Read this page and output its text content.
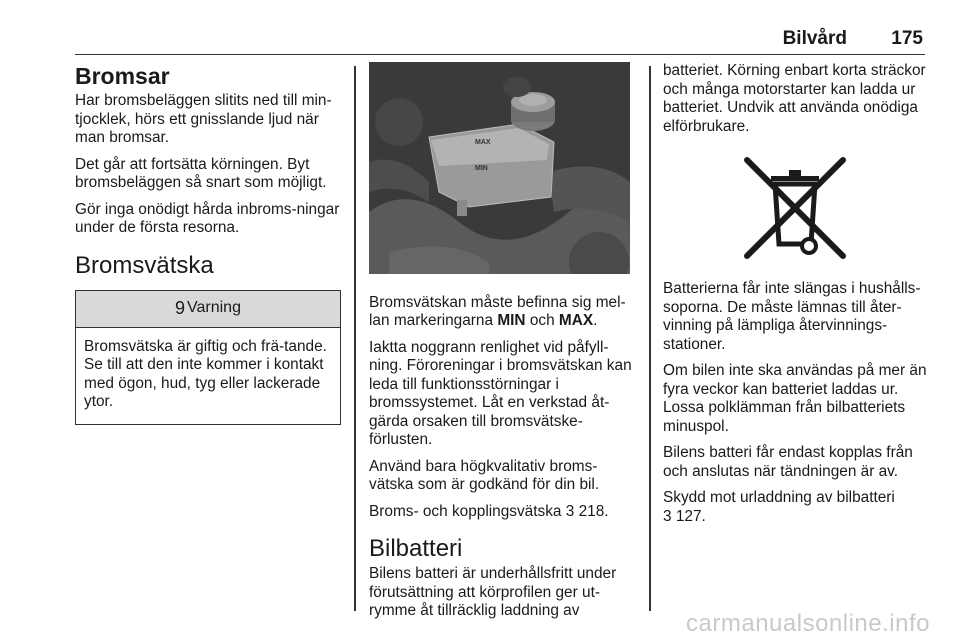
Bilvård 175
Bromsar

Har bromsbeläggen slitits ned till min-tjocklek, hörs ett gnisslande ljud när man bromsar.

Det går att fortsätta körningen. Byt bromsbeläggen så snart som möjligt.

Gör inga onödigt hårda inbroms-ningar under de första resorna.

Bromsvätska
9 Varning
Bromsvätska är giftig och frä-tande. Se till att den inte kommer i kontakt med ögon, hud, tyg eller lackerade ytor.
MAX
MIN

Bromsvätskan måste befinna sig mel-lan markeringarna MIN och MAX.

Iaktta noggrann renlighet vid påfyll-ning. Föroreningar i bromsvätskan kan leda till funktionsstörningar i bromssystemet. Låt en verkstad åt-gärda orsaken till bromsvätske-förlusten.

Använd bara högkvalitativ broms-vätska som är godkänd för din bil.

Broms- och kopplingsvätska 3 218.

Bilbatteri

Bilens batteri är underhållsfritt under förutsättning att körprofilen ger ut-rymme åt tillräcklig laddning av

batteriet. Körning enbart korta sträckor och många motorstarter kan ladda ur batteriet. Undvik att använda onödiga elförbrukare.

Batterierna får inte slängas i hushålls-soporna. De måste lämnas till åter-vinning på lämpliga återvinnings-stationer.

Om bilen inte ska användas på mer än fyra veckor kan batteriet laddas ur. Lossa polklämman från bilbatteriets minuspol.

Bilens batteri får endast kopplas från och anslutas när tändningen är av.

Skydd mot urladdning av bilbatteri
3 127.

carmanualsonline.info
